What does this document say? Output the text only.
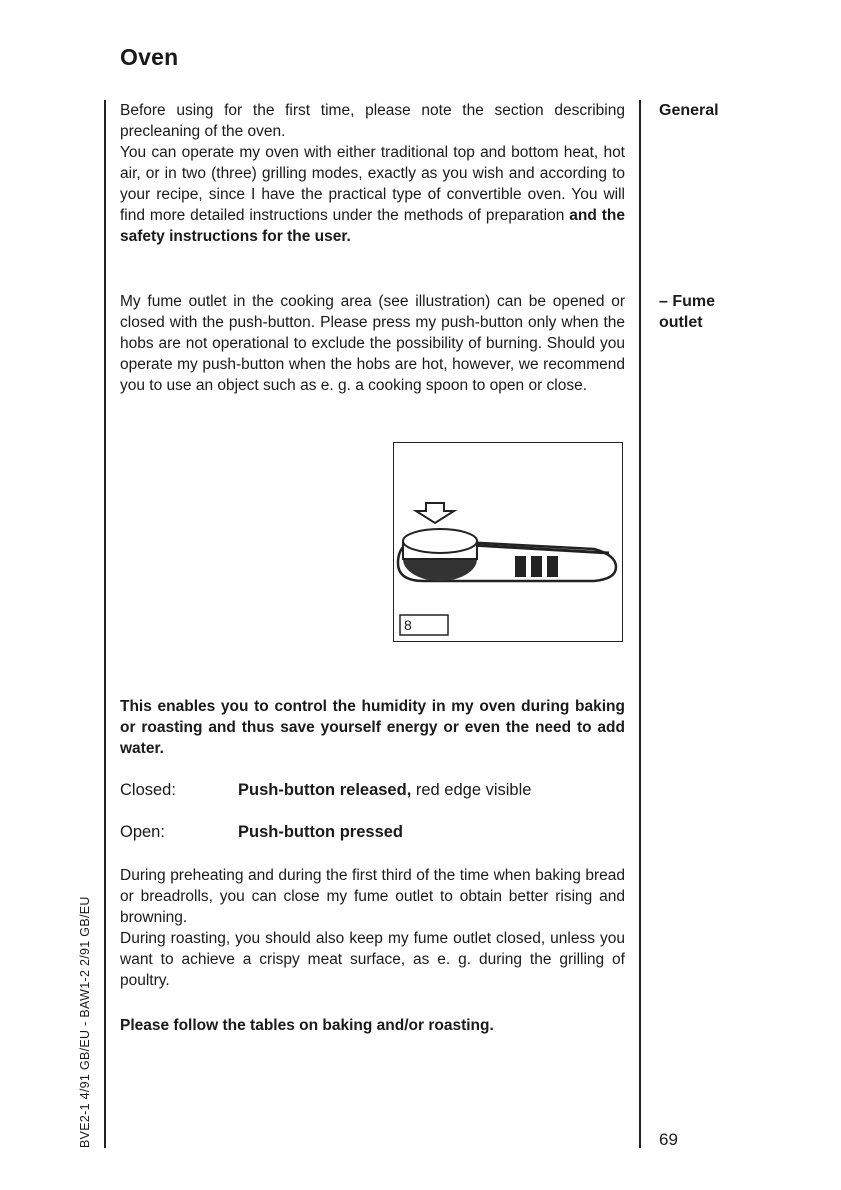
Oven
General

Before using for the first time, please note the section describing precleaning of the oven.

You can operate my oven with either traditional top and bottom heat, hot air, or in two (three) grilling modes, exactly as you wish and according to your recipe, since I have the practical type of convertible oven. You will find more detailed instructions under the methods of preparation and the safety instructions for the user.

– Fume
outlet
My fume outlet in the cooking area (see illustration) can be opened or closed with the push-button. Please press my push-button only when the hobs are not operational to exclude the possibility of burning. Should you operate my push-button when the hobs are hot, however, we recommend you to use an object such as e. g. a cooking spoon to open or close.
8
This enables you to control the humidity in my oven during baking or roasting and thus save yourself energy or even the need to add water.
Closed:	Push-button released, red edge visible
Open:	Push-button pressed

During preheating and during the first third of the time when baking bread or breadrolls, you can close my fume outlet to obtain better rising and browning.

During roasting, you should also keep my fume outlet closed, unless you want to achieve a crispy meat surface, as e. g. during the grilling of poultry.

Please follow the tables on baking and/or roasting.
BVE2-1 4/91 GB/EU - BAW1-2 2/91 GB/EU	69
